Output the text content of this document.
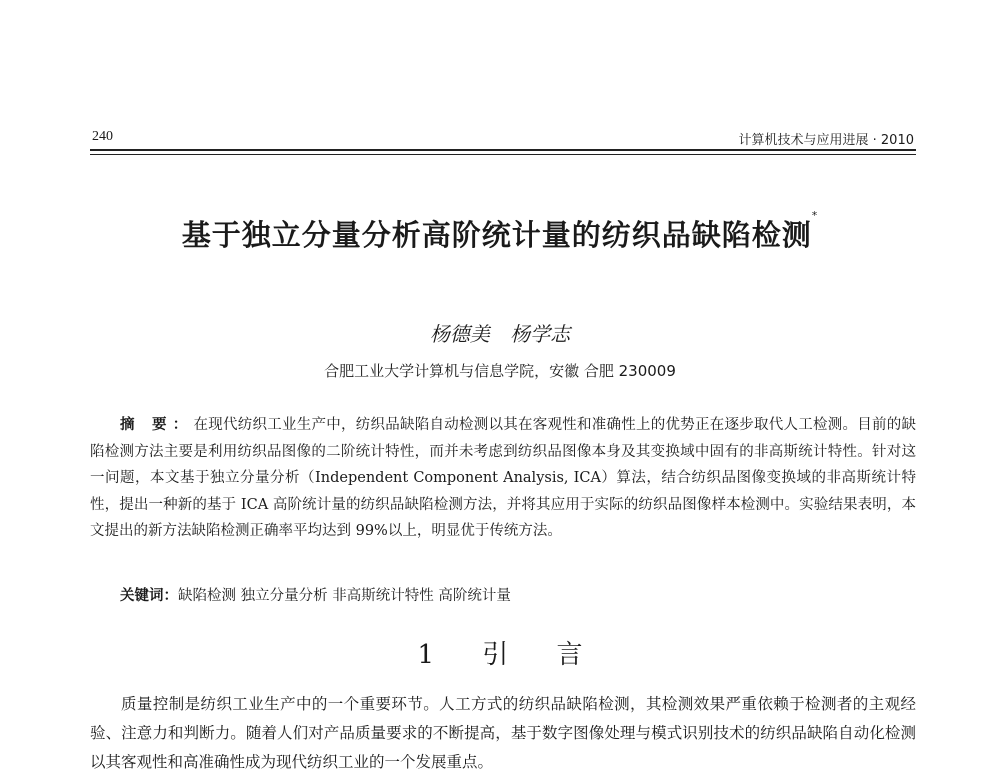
240	计算机技术与应用进展 · 2010
基于独立分量分析高阶统计量的纺织品缺陷检测*
杨德美 杨学志
合肥工业大学计算机与信息学院，安徽 合肥 230009
摘 要：在现代纺织工业生产中，纺织品缺陷自动检测以其在客观性和准确性上的优势正在逐步取代人工检测。目前的缺陷检测方法主要是利用纺织品图像的二阶统计特性，而并未考虑到纺织品图像本身及其变换域中固有的非高斯统计特性。针对这一问题，本文基于独立分量分析（Independent Component Analysis, ICA）算法，结合纺织品图像变换域的非高斯统计特性，提出一种新的基于 ICA 高阶统计量的纺织品缺陷检测方法，并将其应用于实际的纺织品图像样本检测中。实验结果表明，本文提出的新方法缺陷检测正确率平均达到 99%以上，明显优于传统方法。
关键词：缺陷检测 独立分量分析 非高斯统计特性 高阶统计量
1 引 言
质量控制是纺织工业生产中的一个重要环节。人工方式的纺织品缺陷检测，其检测效果严重依赖于检测者的主观经验、注意力和判断力。随着人们对产品质量要求的不断提高，基于数字图像处理与模式识别技术的纺织品缺陷自动化检测以其客观性和高准确性成为现代纺织工业的一个发展重点。
